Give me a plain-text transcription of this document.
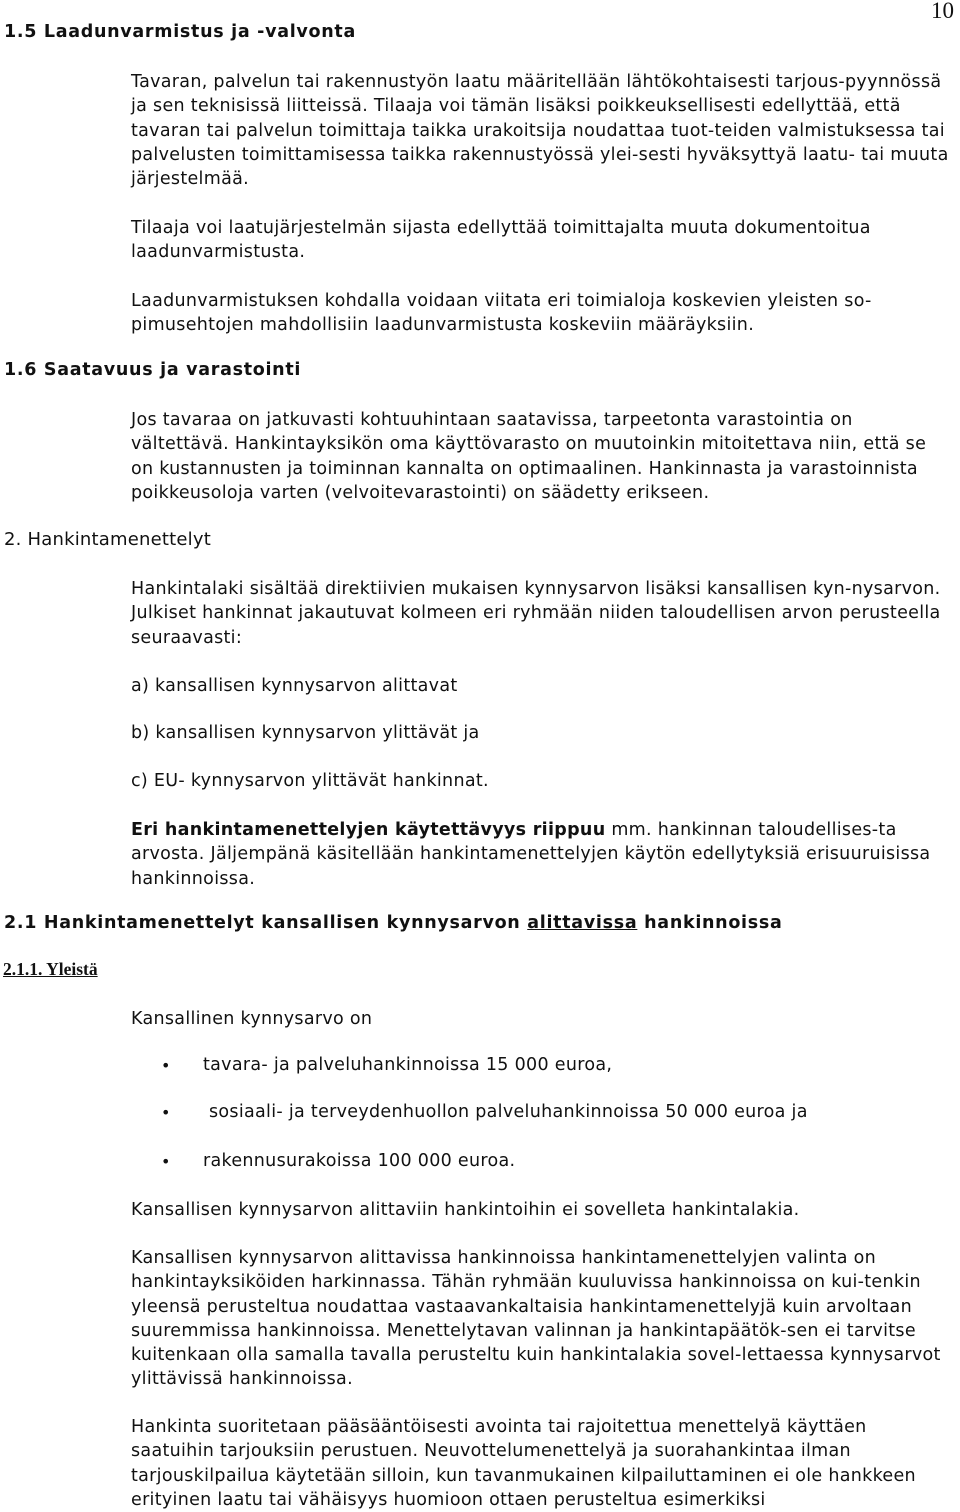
10
1.5 Laadunvarmistus ja -valvonta

Tavaran, palvelun tai rakennustyön laatu määritellään lähtökohtaisesti tarjous-pyynnössä ja sen teknisissä liitteissä. Tilaaja voi tämän lisäksi poikkeuksellisesti edellyttää, että tavaran tai palvelun toimittaja taikka urakoitsija noudattaa tuot-teiden valmistuksessa tai palvelusten toimittamisessa taikka rakennustyössä ylei-sesti hyväksyttyä laatu- tai muuta järjestelmää.

Tilaaja voi laatujärjestelmän sijasta edellyttää toimittajalta muuta dokumentoitua laadunvarmistusta.

Laadunvarmistuksen kohdalla voidaan viitata eri toimialoja koskevien yleisten so-pimusehtojen mahdollisiin laadunvarmistusta koskeviin määräyksiin.

1.6 Saatavuus ja varastointi

Jos tavaraa on jatkuvasti kohtuuhintaan saatavissa, tarpeetonta varastointia on vältettävä. Hankintayksikön oma käyttövarasto on muutoinkin mitoitettava niin, että se on kustannusten ja toiminnan kannalta on optimaalinen. Hankinnasta ja varastoinnista poikkeusoloja varten (velvoitevarastointi) on säädetty erikseen.

2. Hankintamenettelyt

Hankintalaki sisältää direktiivien mukaisen kynnysarvon lisäksi kansallisen kyn-nysarvon. Julkiset hankinnat jakautuvat kolmeen eri ryhmään niiden taloudellisen arvon perusteella seuraavasti:

a) kansallisen kynnysarvon alittavat

b) kansallisen kynnysarvon ylittävät ja

c) EU- kynnysarvon ylittävät hankinnat.

Eri hankintamenettelyjen käytettävyys riippuu mm. hankinnan taloudellises-ta arvosta. Jäljempänä käsitellään hankintamenettelyjen käytön edellytyksiä erisuuruisissa hankinnoissa.

2.1 Hankintamenettelyt kansallisen kynnysarvon alittavissa hankinnoissa
2.1.1. Yleistä

Kansallinen kynnysarvo on

• tavara- ja palveluhankinnoissa 15 000 euroa,
• sosiaali- ja terveydenhuollon palveluhankinnoissa 50 000 euroa ja
• rakennusurakoissa 100 000 euroa.

Kansallisen kynnysarvon alittaviin hankintoihin ei sovelleta hankintalakia.

Kansallisen kynnysarvon alittavissa hankinnoissa hankintamenettelyjen valinta on hankintayksiköiden harkinnassa. Tähän ryhmään kuuluvissa hankinnoissa on kui-tenkin yleensä perusteltua noudattaa vastaavankaltaisia hankintamenettelyjä kuin arvoltaan suuremmissa hankinnoissa. Menettelytavan valinnan ja hankintapäätök-sen ei tarvitse kuitenkaan olla samalla tavalla perusteltu kuin hankintalakia sovel-lettaessa kynnysarvot ylittävissä hankinnoissa.

Hankinta suoritetaan pääsääntöisesti avointa tai rajoitettua menettelyä käyttäen saatuihin tarjouksiin perustuen. Neuvottelumenettelyä ja suorahankintaa ilman tarjouskilpailua käytetään silloin, kun tavanmukainen kilpailuttaminen ei ole hankkeen erityinen laatu tai vähäisyys huomioon ottaen perusteltua esimerkiksi
